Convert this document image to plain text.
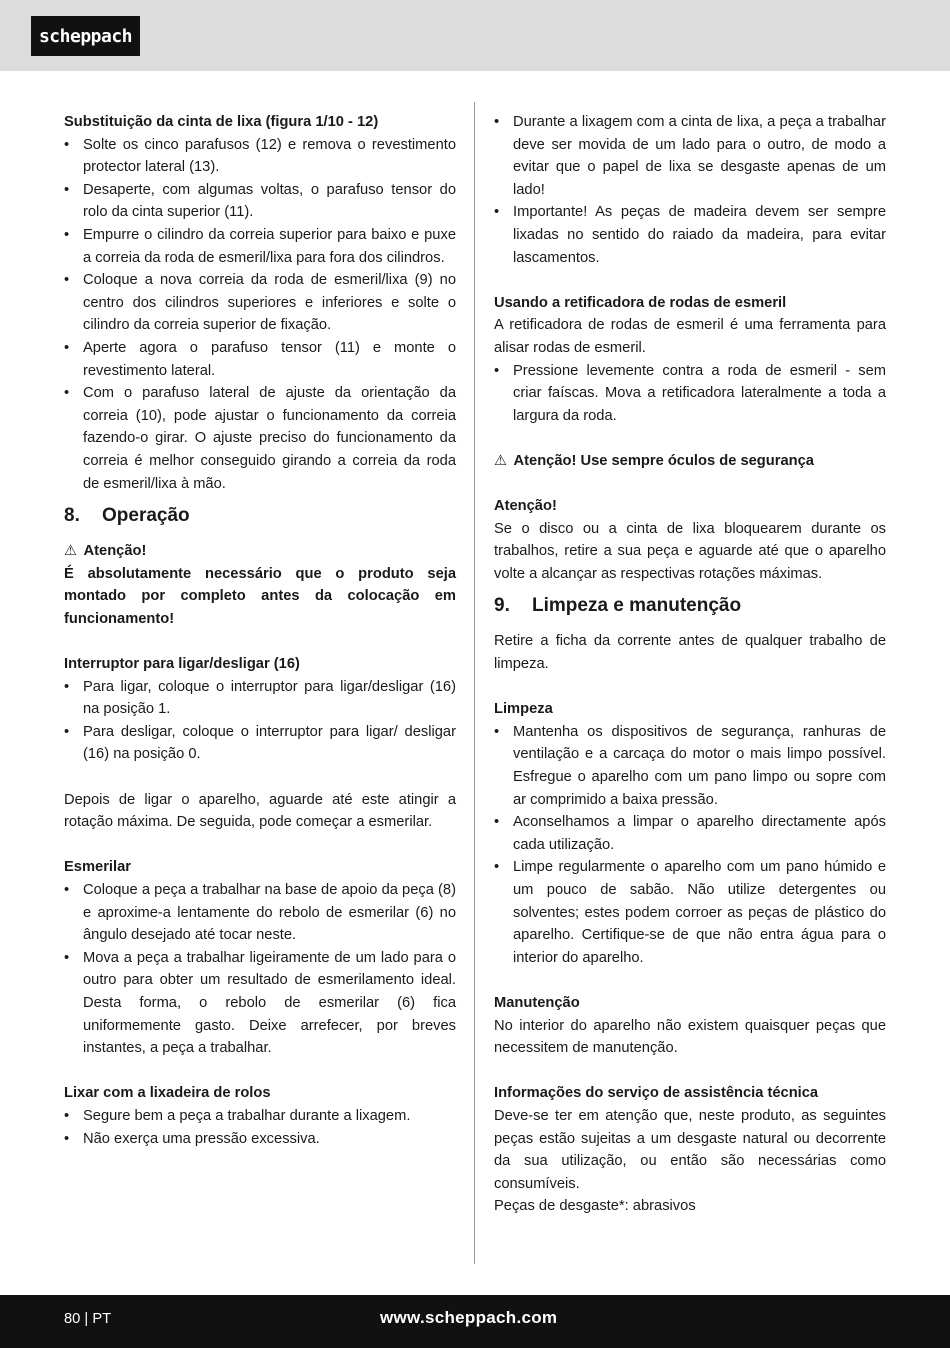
scheppach

Substituição da cinta de lixa (figura 1/10 - 12)

• Solte os cinco parafusos (12) e remova o revestimento protector lateral (13).
• Desaperte, com algumas voltas, o parafuso tensor do rolo da cinta superior (11).
• Empurre o cilindro da correia superior para baixo e puxe a correia da roda de esmeril/lixa para fora dos cilindros.
• Coloque a nova correia da roda de esmeril/lixa (9) no centro dos cilindros superiores e inferiores e solte o cilindro da correia superior de fixação.
• Aperte agora o parafuso tensor (11) e monte o revestimento lateral.
• Com o parafuso lateral de ajuste da orientação da correia (10), pode ajustar o funcionamento da correia fazendo-o girar. O ajuste preciso do funcionamento da correia é melhor conseguido girando a correia da roda de esmeril/lixa à mão.
8.	Operação

⚠ Atenção!

É absolutamente necessário que o produto seja montado por completo antes da colocação em funcionamento!

Interruptor para ligar/desligar (16)

• Para ligar, coloque o interruptor para ligar/desligar (16) na posição 1.
• Para desligar, coloque o interruptor para ligar/ desligar (16) na posição 0.

Depois de ligar o aparelho, aguarde até este atingir a rotação máxima. De seguida, pode começar a esmerilar.

Esmerilar

• Coloque a peça a trabalhar na base de apoio da peça (8) e aproxime-a lentamente do rebolo de esmerilar (6) no ângulo desejado até tocar neste.
• Mova a peça a trabalhar ligeiramente de um lado para o outro para obter um resultado de esmerilamento ideal. Desta forma, o rebolo de esmerilar (6) fica uniformemente gasto. Deixe arrefecer, por breves instantes, a peça a trabalhar.

Lixar com a lixadeira de rolos

• Segure bem a peça a trabalhar durante a lixagem.
• Não exerça uma pressão excessiva.
• Durante a lixagem com a cinta de lixa, a peça a trabalhar deve ser movida de um lado para o outro, de modo a evitar que o papel de lixa se desgaste apenas de um lado!
• Importante! As peças de madeira devem ser sempre lixadas no sentido do raiado da madeira, para evitar lascamentos.

Usando a retificadora de rodas de esmeril

A retificadora de rodas de esmeril é uma ferramenta para alisar rodas de esmeril.

• Pressione levemente contra a roda de esmeril - sem criar faíscas. Mova a retificadora lateralmente a toda a largura da roda.

⚠ Atenção! Use sempre óculos de segurança

Atenção!

Se o disco ou a cinta de lixa bloquearem durante os trabalhos, retire a sua peça e aguarde até que o aparelho volte a alcançar as respectivas rotações máximas.

9.	Limpeza e manutenção

Retire a ficha da corrente antes de qualquer trabalho de limpeza.

Limpeza

• Mantenha os dispositivos de segurança, ranhuras de ventilação e a carcaça do motor o mais limpo possível. Esfregue o aparelho com um pano limpo ou sopre com ar comprimido a baixa pressão.
• Aconselhamos a limpar o aparelho directamente após cada utilização.
• Limpe regularmente o aparelho com um pano húmido e um pouco de sabão. Não utilize detergentes ou solventes; estes podem corroer as peças de plástico do aparelho. Certifique-se de que não entra água para o interior do aparelho.

Manutenção

No interior do aparelho não existem quaisquer peças que necessitem de manutenção.

Informações do serviço de assistência técnica

Deve-se ter em atenção que, neste produto, as seguintes peças estão sujeitas a um desgaste natural ou decorrente da sua utilização, ou então são necessárias como consumíveis.

Peças de desgaste*: abrasivos

80 | PT	www.scheppach.com
